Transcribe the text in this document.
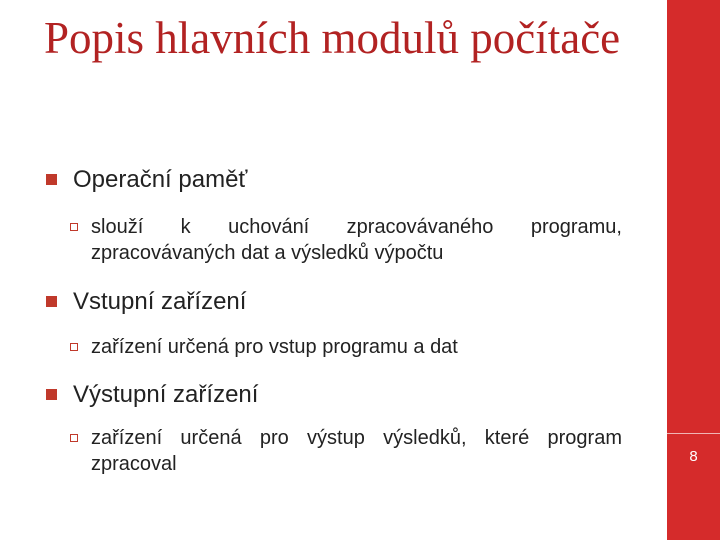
8
Popis hlavních modulů počítače
Operační paměť
slouží k uchování zpracovávaného programu, zpracovávaných dat a výsledků výpočtu
Vstupní zařízení
zařízení určená pro vstup programu a dat
Výstupní zařízení
zařízení určená pro výstup výsledků, které program zpracoval
